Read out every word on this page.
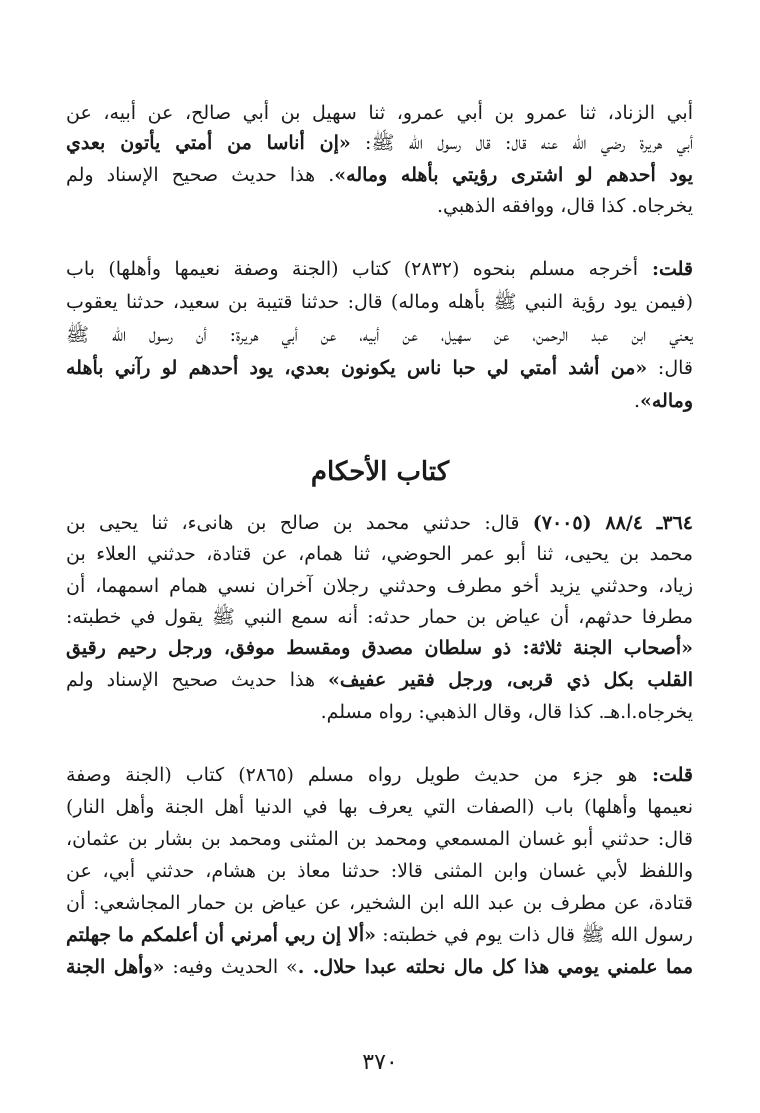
أبي الزناد، ثنا عمرو بن أبي عمرو، ثنا سهيل بن أبي صالح، عن أبيه، عن
أبي هريرة رضي الله عنه قال: قال رسول الله ﷺ: «إن أناسا من أمتي يأتون بعدي
يود أحدهم لو اشترى رؤيتي بأهله وماله». هذا حديث صحيح الإسناد ولم
يخرجاه. كذا قال، ووافقه الذهبي.
قلت: أخرجه مسلم بنحوه (٢٨٣٢) كتاب (الجنة وصفة نعيمها وأهلها) باب
(فيمن يود رؤية النبي ﷺ بأهله وماله) قال: حدثنا قتيبة بن سعيد، حدثنا يعقوب
يعني ابن عبد الرحمن، عن سهيل، عن أبيه، عن أبي هريرة: أن رسول الله ﷺ
قال: «من أشد أمتي لي حبا ناس يكونون بعدي، يود أحدهم لو رآني بأهله
وماله».
كتاب الأحكام
٣٦٤ـ ٨٨/٤ (٧٠٠٥) قال: حدثني محمد بن صالح بن هانىء، ثنا يحيى بن
محمد بن يحيى، ثنا أبو عمر الحوضي، ثنا همام، عن قتادة، حدثني العلاء بن
زياد، وحدثني يزيد أخو مطرف وحدثني رجلان آخران نسي همام اسمهما، أن
مطرفا حدثهم، أن عياض بن حمار حدثه: أنه سمع النبي ﷺ يقول في خطبته:
«أصحاب الجنة ثلاثة: ذو سلطان مصدق ومقسط موفق، ورجل رحيم رقيق
القلب بكل ذي قربى، ورجل فقير عفيف» هذا حديث صحيح الإسناد ولم
يخرجاه.ا.هـ. كذا قال، وقال الذهبي: رواه مسلم.
قلت: هو جزء من حديث طويل رواه مسلم (٢٨٦٥) كتاب (الجنة وصفة
نعيمها وأهلها) باب (الصفات التي يعرف بها في الدنيا أهل الجنة وأهل النار)
قال: حدثني أبو غسان المسمعي ومحمد بن المثنى ومحمد بن بشار بن عثمان،
واللفظ لأبي غسان وابن المثنى قالا: حدثنا معاذ بن هشام، حدثني أبي، عن
قتادة، عن مطرف بن عبد الله ابن الشخير، عن عياض بن حمار المجاشعي: أن
رسول الله ﷺ قال ذات يوم في خطبته: «ألا إن ربي أمرني أن أعلمكم ما جهلتم
مما علمني يومي هذا كل مال نحلته عبدا حلال. .» الحديث وفيه: «وأهل الجنة
٣٧٠
